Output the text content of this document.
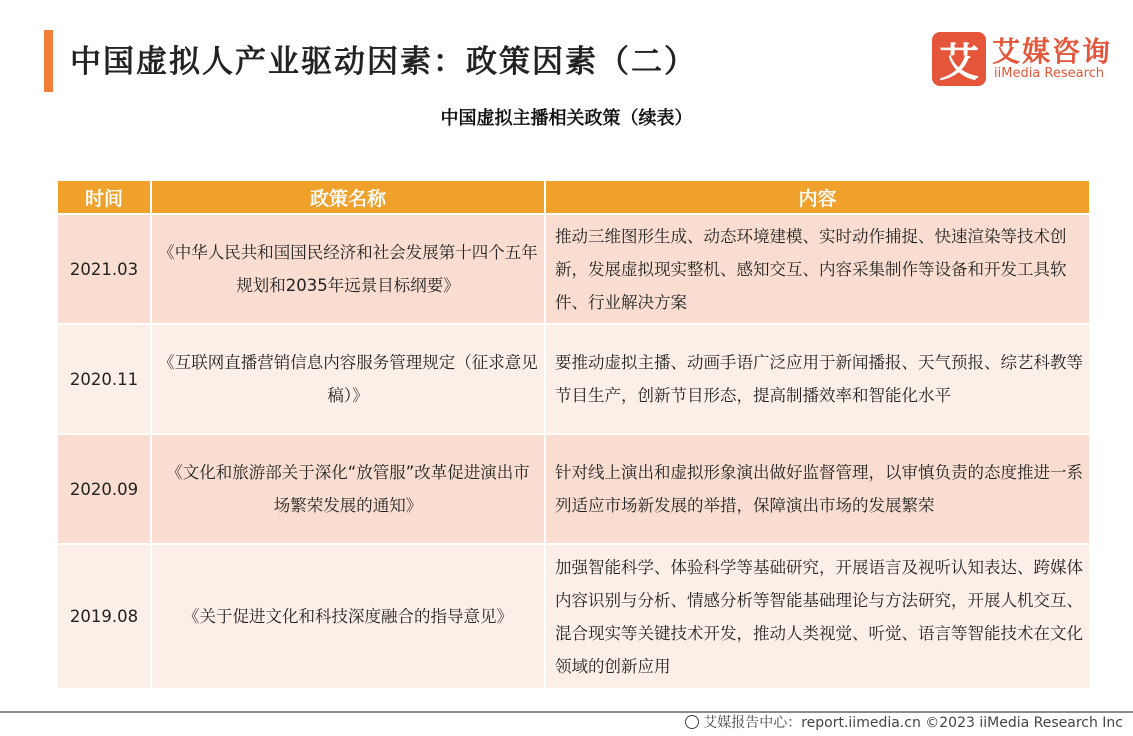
中国虚拟人产业驱动因素：政策因素（二）	艾 艾媒咨询
iiMedia Research
中国虚拟主播相关政策（续表）
时间	政策名称	内容
2021.03	《中华人民共和国国民经济和社会发展第十四个五年规划和2035年远景目标纲要》	推动三维图形生成、动态环境建模、实时动作捕捉、快速渲染等技术创新，发展虚拟现实整机、感知交互、内容采集制作等设备和开发工具软件、行业解决方案
2020.11	《互联网直播营销信息内容服务管理规定（征求意见稿）》	要推动虚拟主播、动画手语广泛应用于新闻播报、天气预报、综艺科教等节目生产，创新节目形态，提高制播效率和智能化水平
2020.09	《文化和旅游部关于深化“放管服”改革促进演出市场繁荣发展的通知》	针对线上演出和虚拟形象演出做好监督管理，以审慎负责的态度推进一系列适应市场新发展的举措，保障演出市场的发展繁荣
2019.08	《关于促进文化和科技深度融合的指导意见》	加强智能科学、体验科学等基础研究，开展语言及视听认知表达、跨媒体内容识别与分析、情感分析等智能基础理论与方法研究，开展人机交互、混合现实等关键技术开发，推动人类视觉、听觉、语言等智能技术在文化领域的创新应用
艾媒报告中心：report.iimedia.cn ©2023 iiMedia Research Inc
